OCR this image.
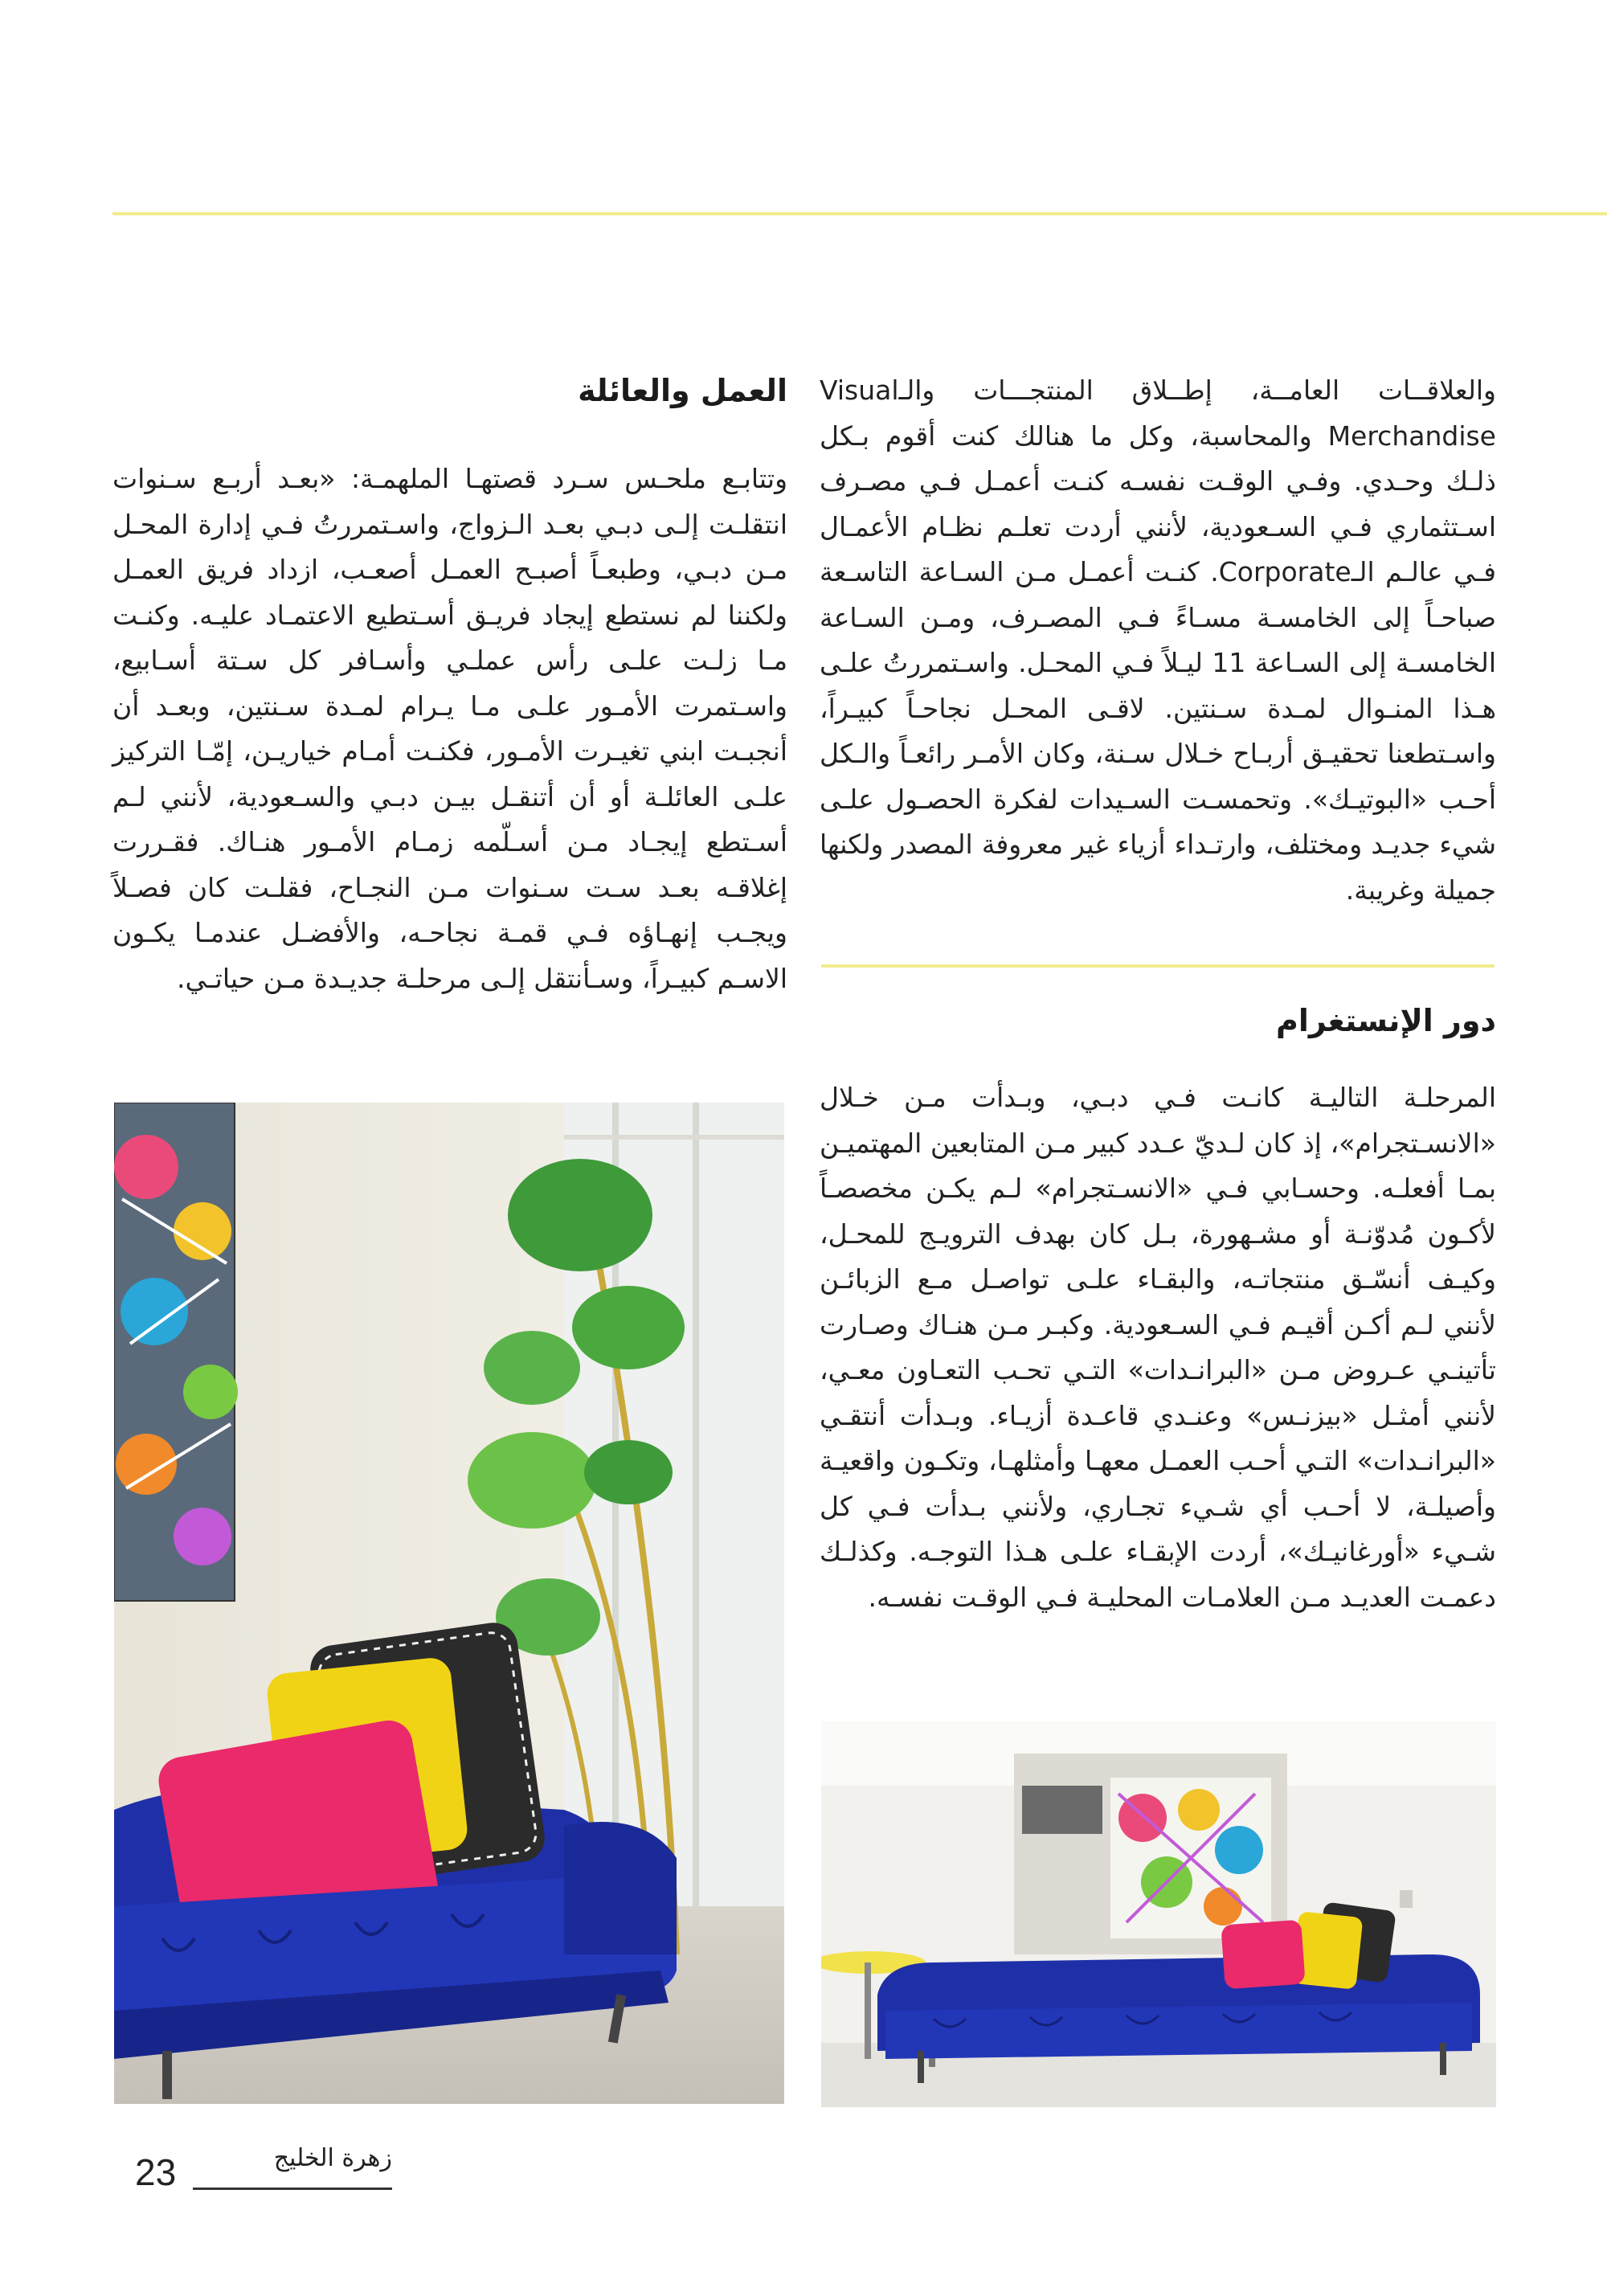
والعلاقــات العامــة، إطــلاق المنتجـــات والـVisual Merchandise والمحاسبة، وكل ما هنالك كنت أقوم بـكل ذلـك وحـدي. وفـي الوقـت نفسـه كنـت أعمـل فـي مصـرف اسـتثماري فـي السـعودية، لأنني أردت تعلـم نظـام الأعمـال فـي عالـم الـCorporate. كنـت أعمـل مـن السـاعة التاسـعة صباحـاً إلى الخامسـة مسـاءً فـي المصـرف، ومـن السـاعة الخامسـة إلى السـاعة 11 ليـلاً فـي المحـل. واسـتمررتُ علـى هـذا المنـوال لمـدة سـنتين. لاقـى المحـل نجاحـاً كبيـراً، واسـتطعنا تحقيـق أربـاح خـلال سـنة، وكان الأمـر رائعـاً والـكل أحـب «البوتيـك». وتحمسـت السـيدات لفكرة الحصـول علـى شيء جديـد ومختلف، وارتـداء أزياء غير معروفة المصدر ولكنها جميلة وغريبة.

دور الإنستغرام

المرحلـة التاليـة كانـت فـي دبـي، وبـدأت مـن خـلال «الانسـتجرام»، إذ كان لـديّ عـدد كبير مـن المتابعين المهتميـن بمـا أفعلـه. وحسـابي فـي «الانسـتجرام» لـم يكـن مخصصـاً لأكـون مُدوّنـة أو مشـهورة، بـل كان بهدف الترويـج للمحـل، وكيـف أنسّـق منتجاتـه، والبقـاء علـى تواصـل مـع الزبائـن لأنني لـم أكـن أقيـم فـي السـعودية. وكبـر مـن هنـاك وصـارت تأتينـي عـروض مـن «البرانـدات» التـي تحـب التعـاون معـي، لأنني أمثـل «بيزنـس» وعنـدي قاعـدة أزيـاء. وبـدأت أنتقـي «البرانـدات» التـي أحـب العمـل معهـا وأمثلهـا، وتكـون واقعيـة وأصيلـة، لا أحـب أي شـيء تجـاري، ولأنني بـدأت فـي كل شـيء «أورغانيـك»، أردت الإبقـاء علـى هـذا التوجـه. وكذلـك دعمـت العديـد مـن العلامـات المحليـة فـي الوقـت نفسـه.

العمل والعائلة

وتتابـع ملحـس سـرد قصتهـا الملهمـة: «بعـد أربـع سـنوات انتقلـت إلـى دبـي بعـد الـزواج، واسـتمررتُ فـي إدارة المحـل مـن دبـي، وطبعـاً أصبـح العمـل أصعـب، ازداد فريق العمـل ولكننا لم نستطع إيجاد فريـق أسـتطيع الاعتمـاد عليـه. وكنـت مـا زلـت علـى رأس عملـي وأسـافر كل سـتة أسـابيع، واسـتمرت الأمـور علـى مـا يـرام لمـدة سـنتين، وبعـد أن أنجبـت ابني تغيـرت الأمـور، فكنـت أمـام خياريـن، إمّـا التركيز علـى العائلـة أو أن أتنقـل بيـن دبـي والسـعودية، لأنني لـم أسـتطع إيجـاد مـن أسـلّمه زمـام الأمـور هنـاك. فقـررت إغلاقـه بعـد سـت سـنوات مـن النجـاح، فقلـت كان فصـلاً ويجـب إنهـاؤه فـي قمـة نجاحـه، والأفضـل عندمـا يكـون الاسـم كبيـراً، وسـأنتقل إلـى مرحلـة جديـدة مـن حياتـي.

23	زهرة الخليج
